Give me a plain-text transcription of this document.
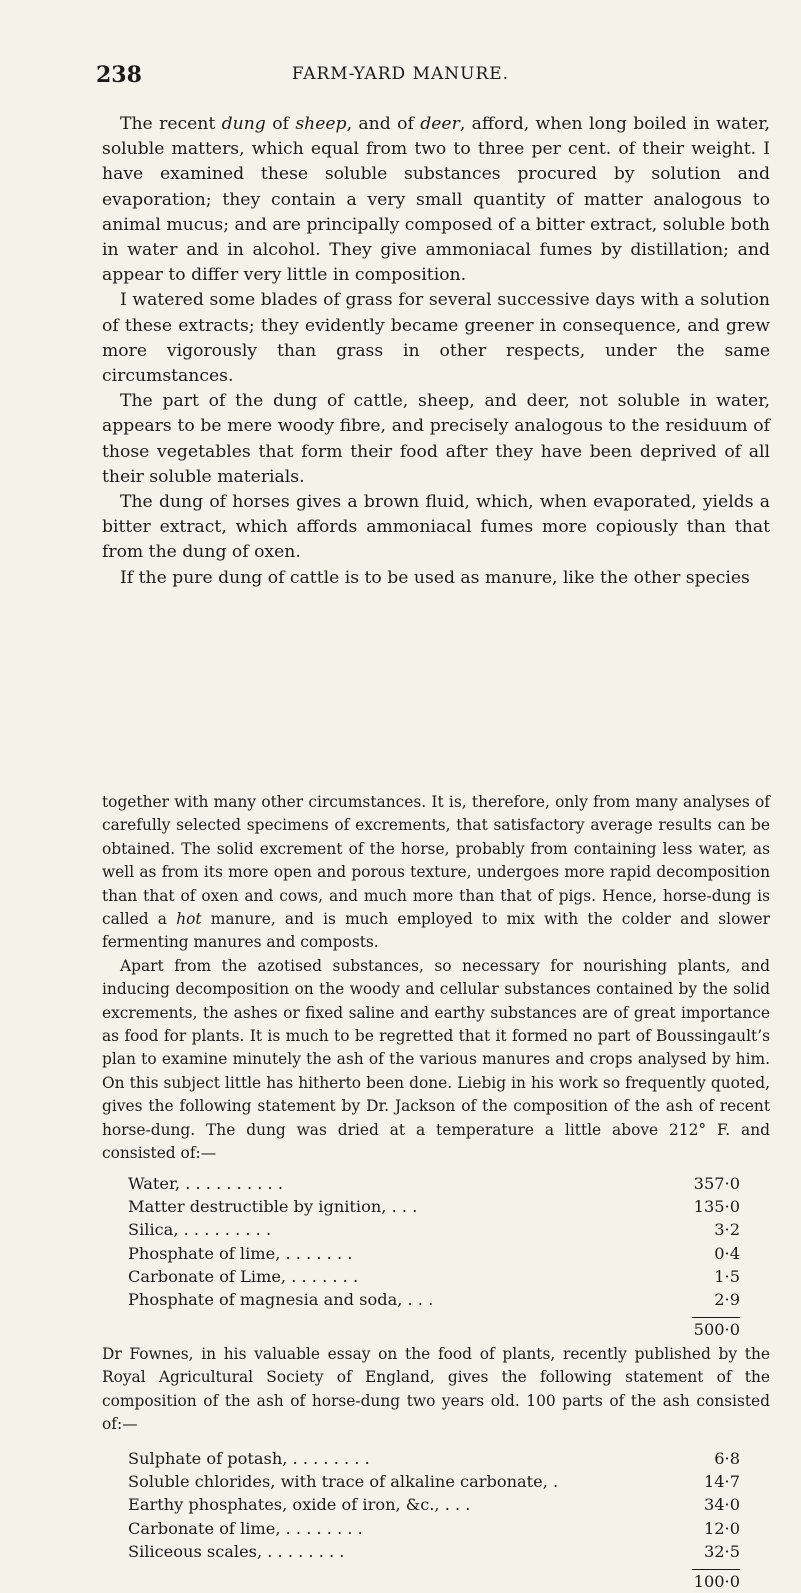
238	FARM-YARD MANURE.

The recent dung of sheep, and of deer, afford, when long boiled in water, soluble matters, which equal from two to three per cent. of their weight. I have examined these soluble substances procured by solution and evaporation; they contain a very small quantity of matter analogous to animal mucus; and are principally composed of a bitter extract, soluble both in water and in alcohol. They give ammoniacal fumes by distillation; and appear to differ very little in composition.

I watered some blades of grass for several successive days with a solution of these extracts; they evidently became greener in consequence, and grew more vigorously than grass in other respects, under the same circumstances.

The part of the dung of cattle, sheep, and deer, not soluble in water, appears to be mere woody fibre, and precisely analogous to the residuum of those vegetables that form their food after they have been deprived of all their soluble materials.

The dung of horses gives a brown fluid, which, when evaporated, yields a bitter extract, which affords ammoniacal fumes more copiously than that from the dung of oxen.

If the pure dung of cattle is to be used as manure, like the other species

together with many other circumstances. It is, therefore, only from many analyses of carefully selected specimens of excrements, that satisfactory average results can be obtained. The solid excrement of the horse, probably from containing less water, as well as from its more open and porous texture, undergoes more rapid decomposition than that of oxen and cows, and much more than that of pigs. Hence, horse-dung is called a hot manure, and is much employed to mix with the colder and slower fermenting manures and composts.

Apart from the azotised substances, so necessary for nourishing plants, and inducing decomposition on the woody and cellular substances contained by the solid excrements, the ashes or fixed saline and earthy substances are of great importance as food for plants. It is much to be regretted that it formed no part of Boussingault’s plan to examine minutely the ash of the various manures and crops analysed by him. On this subject little has hitherto been done. Liebig in his work so frequently quoted, gives the following statement by Dr. Jackson of the composition of the ash of recent horse-dung. The dung was dried at a temperature a little above 212° F. and consisted of:—

Water, . . . . . . . . . .	357·0
Matter destructible by ignition, . . .	135·0
Silica, . . . . . . . . .	3·2
Phosphate of lime, . . . . . . .	0·4
Carbonate of Lime, . . . . . . .	1·5
Phosphate of magnesia and soda, . . .	2·9
500·0

Dr Fownes, in his valuable essay on the food of plants, recently published by the Royal Agricultural Society of England, gives the following statement of the composition of the ash of horse-dung two years old. 100 parts of the ash consisted of:—

Sulphate of potash, . . . . . . . .	6·8
Soluble chlorides, with trace of alkaline carbonate, .	14·7
Earthy phosphates, oxide of iron, &c., . . .	34·0
Carbonate of lime, . . . . . . . .	12·0
Siliceous scales, . . . . . . . .	32·5
100·0
